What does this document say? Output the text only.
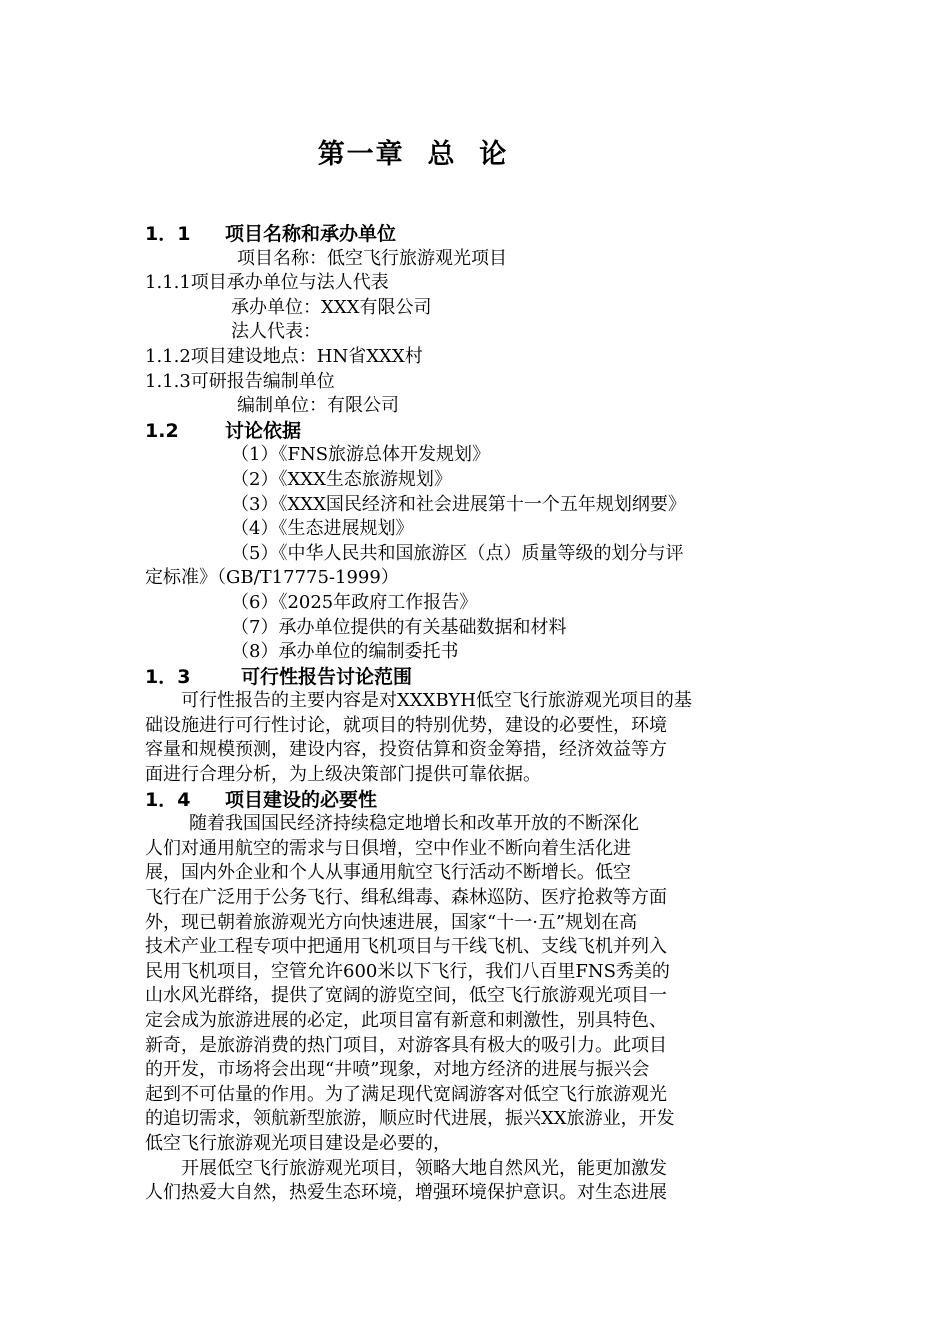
第一章  总  论
1．1 项目名称和承办单位
项目名称：低空飞行旅游观光项目
1.1.1项目承办单位与法人代表
承办单位：XXX有限公司
法人代表：
1.1.2项目建设地点：HN省XXX村
1.1.3可研报告编制单位
编制单位：有限公司
1.2 讨论依据
（1）《FNS旅游总体开发规划》
（2）《XXX生态旅游规划》
（3）《XXX国民经济和社会进展第十一个五年规划纲要》
（4）《生态进展规划》
（5）《中华人民共和国旅游区（点）质量等级的划分与评
定标准》（GB/T17775-1999）
（6）《2025年政府工作报告》
（7）承办单位提供的有关基础数据和材料
（8）承办单位的编制委托书
1．3	可行性报告讨论范围
可行性报告的主要内容是对XXXBYH低空飞行旅游观光项目的基
础设施进行可行性讨论，就项目的特别优势，建设的必要性，环境
容量和规模预测，建设内容，投资估算和资金筹措，经济效益等方
面进行合理分析，为上级决策部门提供可靠依据。
1．4 项目建设的必要性
随着我国国民经济持续稳定地增长和改革开放的不断深化
人们对通用航空的需求与日俱增，空中作业不断向着生活化进
展，国内外企业和个人从事通用航空飞行活动不断增长。低空
飞行在广泛用于公务飞行、缉私缉毒、森林巡防、医疗抢救等方面
外，现已朝着旅游观光方向快速进展，国家“十一·五”规划在高
技术产业工程专项中把通用飞机项目与干线飞机、支线飞机并列入
民用飞机项目，空管允许600米以下飞行，我们八百里FNS秀美的
山水风光群络，提供了宽阔的游览空间，低空飞行旅游观光项目一
定会成为旅游进展的必定，此项目富有新意和刺激性，别具特色、
新奇，是旅游消费的热门项目，对游客具有极大的吸引力。此项目
的开发，市场将会出现“井喷”现象，对地方经济的进展与振兴会
起到不可估量的作用。为了满足现代宽阔游客对低空飞行旅游观光
的追切需求，领航新型旅游，顺应时代进展，振兴XX旅游业，开发
低空飞行旅游观光项目建设是必要的，
开展低空飞行旅游观光项目，领略大地自然风光，能更加激发
人们热爱大自然，热爱生态环境，增强环境保护意识。对生态进展
